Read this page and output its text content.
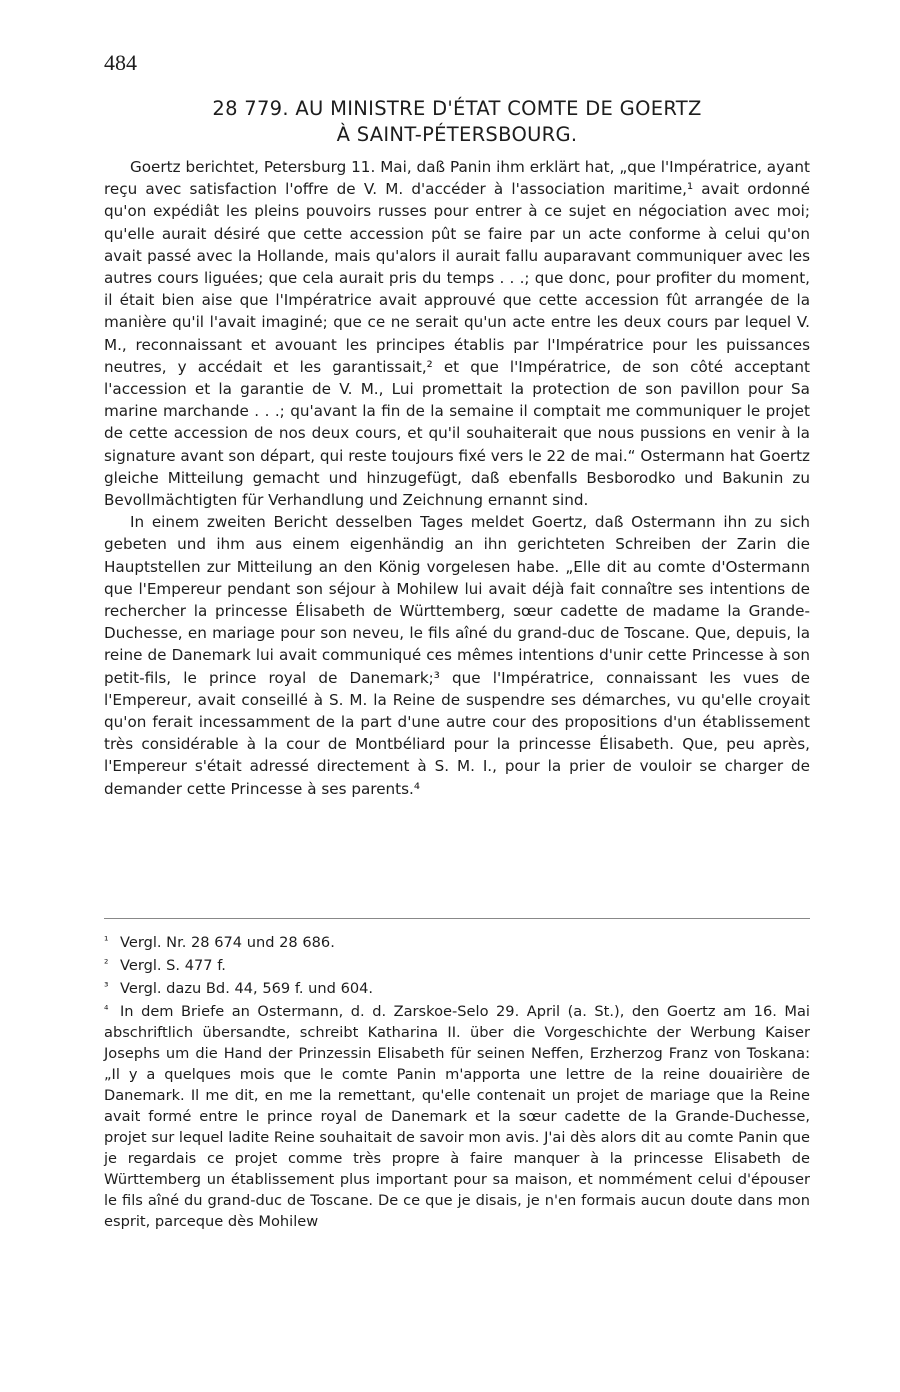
484
28 779. AU MINISTRE D'ÉTAT COMTE DE GOERTZ
À SAINT-PÉTERSBOURG.

Goertz berichtet, Petersburg 11. Mai, daß Panin ihm erklärt hat, „que l'Impératrice, ayant reçu avec satisfaction l'offre de V. M. d'accéder à l'association maritime,¹ avait ordonné qu'on expédiât les pleins pouvoirs russes pour entrer à ce sujet en négociation avec moi; qu'elle aurait désiré que cette accession pût se faire par un acte conforme à celui qu'on avait passé avec la Hollande, mais qu'alors il aurait fallu auparavant communiquer avec les autres cours liguées; que cela aurait pris du temps . . .; que donc, pour profiter du moment, il était bien aise que l'Impératrice avait approuvé que cette accession fût arrangée de la manière qu'il l'avait imaginé; que ce ne serait qu'un acte entre les deux cours par lequel V. M., reconnaissant et avouant les principes établis par l'Impératrice pour les puissances neutres, y accédait et les garantissait,² et que l'Impératrice, de son côté acceptant l'accession et la garantie de V. M., Lui promettait la protection de son pavillon pour Sa marine marchande . . .; qu'avant la fin de la semaine il comptait me communiquer le projet de cette accession de nos deux cours, et qu'il souhaiterait que nous pussions en venir à la signature avant son départ, qui reste toujours fixé vers le 22 de mai.“ Ostermann hat Goertz gleiche Mitteilung gemacht und hinzugefügt, daß ebenfalls Besborodko und Bakunin zu Bevollmächtigten für Verhandlung und Zeichnung ernannt sind.

In einem zweiten Bericht desselben Tages meldet Goertz, daß Ostermann ihn zu sich gebeten und ihm aus einem eigenhändig an ihn gerichteten Schreiben der Zarin die Hauptstellen zur Mitteilung an den König vorgelesen habe. „Elle dit au comte d'Ostermann que l'Empereur pendant son séjour à Mohilew lui avait déjà fait connaître ses intentions de rechercher la princesse Élisabeth de Württemberg, sœur cadette de madame la Grande-Duchesse, en mariage pour son neveu, le fils aîné du grand-duc de Toscane. Que, depuis, la reine de Danemark lui avait communiqué ces mêmes intentions d'unir cette Princesse à son petit-fils, le prince royal de Danemark;³ que l'Impératrice, connaissant les vues de l'Empereur, avait conseillé à S. M. la Reine de suspendre ses démarches, vu qu'elle croyait qu'on ferait incessamment de la part d'une autre cour des propositions d'un établissement très considérable à la cour de Montbéliard pour la princesse Élisabeth. Que, peu après, l'Empereur s'était adressé directement à S. M. I., pour la prier de vouloir se charger de demander cette Princesse à ses parents.⁴

¹ Vergl. Nr. 28 674 und 28 686.

² Vergl. S. 477 f.

³ Vergl. dazu Bd. 44, 569 f. und 604.

⁴ In dem Briefe an Ostermann, d. d. Zarskoe-Selo 29. April (a. St.), den Goertz am 16. Mai abschriftlich übersandte, schreibt Katharina II. über die Vorgeschichte der Werbung Kaiser Josephs um die Hand der Prinzessin Elisabeth für seinen Neffen, Erzherzog Franz von Toskana: „Il y a quelques mois que le comte Panin m'apporta une lettre de la reine douairière de Danemark. Il me dit, en me la remettant, qu'elle contenait un projet de mariage que la Reine avait formé entre le prince royal de Danemark et la sœur cadette de la Grande-Duchesse, projet sur lequel ladite Reine souhaitait de savoir mon avis. J'ai dès alors dit au comte Panin que je regardais ce projet comme très propre à faire manquer à la princesse Elisabeth de Württemberg un établissement plus important pour sa maison, et nommément celui d'épouser le fils aîné du grand-duc de Toscane. De ce que je disais, je n'en formais aucun doute dans mon esprit, parceque dès Mohilew
